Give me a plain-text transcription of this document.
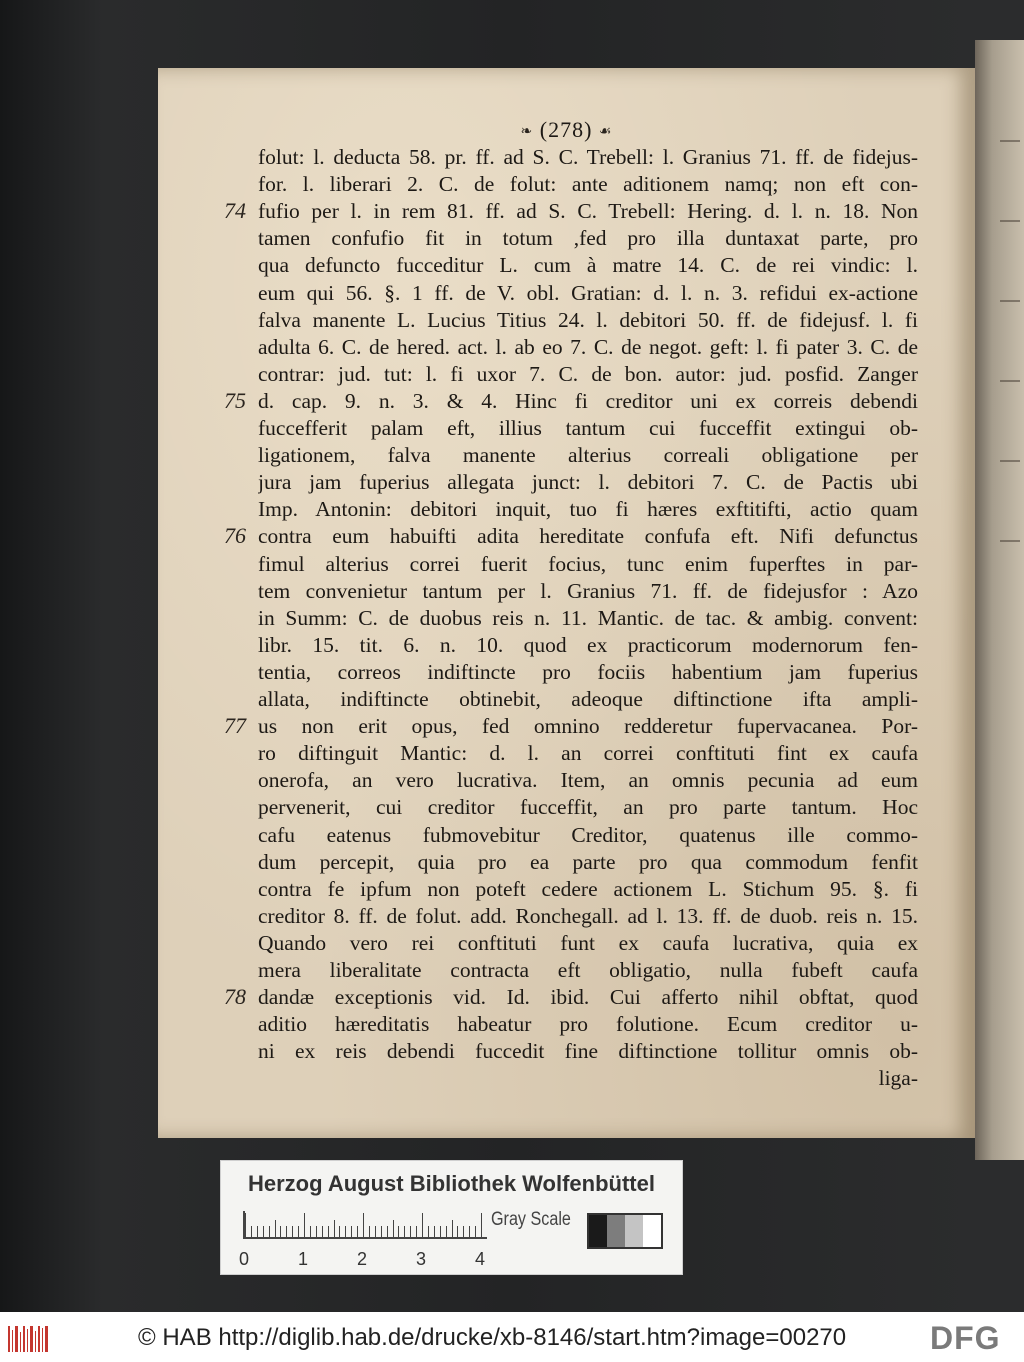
❧ (278) ☙
folut: l. deducta 58. pr. ff. ad S. C. Trebell: l. Granius 71. ff. de fidejus-
for. l. liberari 2. C. de folut: ante aditionem namq; non eft con-
fufio per l. in rem 81. ff. ad S. C. Trebell: Hering. d. l. n. 18. Non
tamen confufio fit in totum ,fed pro illa duntaxat parte, pro
qua defuncto fucceditur L. cum à matre 14. C. de rei vindic: l.
eum qui 56. §. 1 ff. de V. obl. Gratian: d. l. n. 3. refidui ex-actione
falva manente L. Lucius Titius 24. l. debitori 50. ff. de fidejusf. l. fi
adulta 6. C. de hered. act. l. ab eo 7. C. de negot. geft: l. fi pater 3. C. de
contrar: jud. tut: l. fi uxor 7. C. de bon. autor: jud. posfid. Zanger
d. cap. 9. n. 3. & 4. Hinc fi creditor uni ex correis debendi
fuccefferit palam eft, illius tantum cui fucceffit extingui ob-
ligationem, falva manente alterius correali obligatione per
jura jam fuperius allegata junct: l. debitori 7. C. de Pactis ubi
Imp. Antonin: debitori inquit, tuo fi hæres exftitifti, actio quam
contra eum habuifti adita hereditate confufa eft. Nifi defunctus
fimul alterius correi fuerit focius, tunc enim fuperftes in par-
tem convenietur tantum per l. Granius 71. ff. de fidejusfor : Azo
in Summ: C. de duobus reis n. 11. Mantic. de tac. & ambig. convent:
libr. 15. tit. 6. n. 10. quod ex practicorum modernorum fen-
tentia, correos indiftincte pro fociis habentium jam fuperius
allata, indiftincte obtinebit, adeoque diftinctione ifta ampli-
us non erit opus, fed omnino redderetur fupervacanea. Por-
ro diftinguit Mantic: d. l. an correi conftituti fint ex caufa
onerofa, an vero lucrativa. Item, an omnis pecunia ad eum
pervenerit, cui creditor fucceffit, an pro parte tantum. Hoc
cafu eatenus fubmovebitur Creditor, quatenus ille commo-
dum percepit, quia pro ea parte pro qua commodum fenfit
contra fe ipfum non poteft cedere actionem L. Stichum 95. §. fi
creditor 8. ff. de folut. add. Ronchegall. ad l. 13. ff. de duob. reis n. 15.
Quando vero rei conftituti funt ex caufa lucrativa, quia ex
mera liberalitate contracta eft obligatio, nulla fubeft caufa
dandæ exceptionis vid. Id. ibid. Cui afferto nihil obftat, quod
aditio hæreditatis habeatur pro folutione. Ecum creditor u-
ni ex reis debendi fuccedit fine diftinctione tollitur omnis ob-
liga-
74
75
76
77
78
Herzog August Bibliothek Wolfenbüttel
Gray Scale
0	1	2	3	4
© HAB http://diglib.hab.de/drucke/xb-8146/start.htm?image=00270	DFG
